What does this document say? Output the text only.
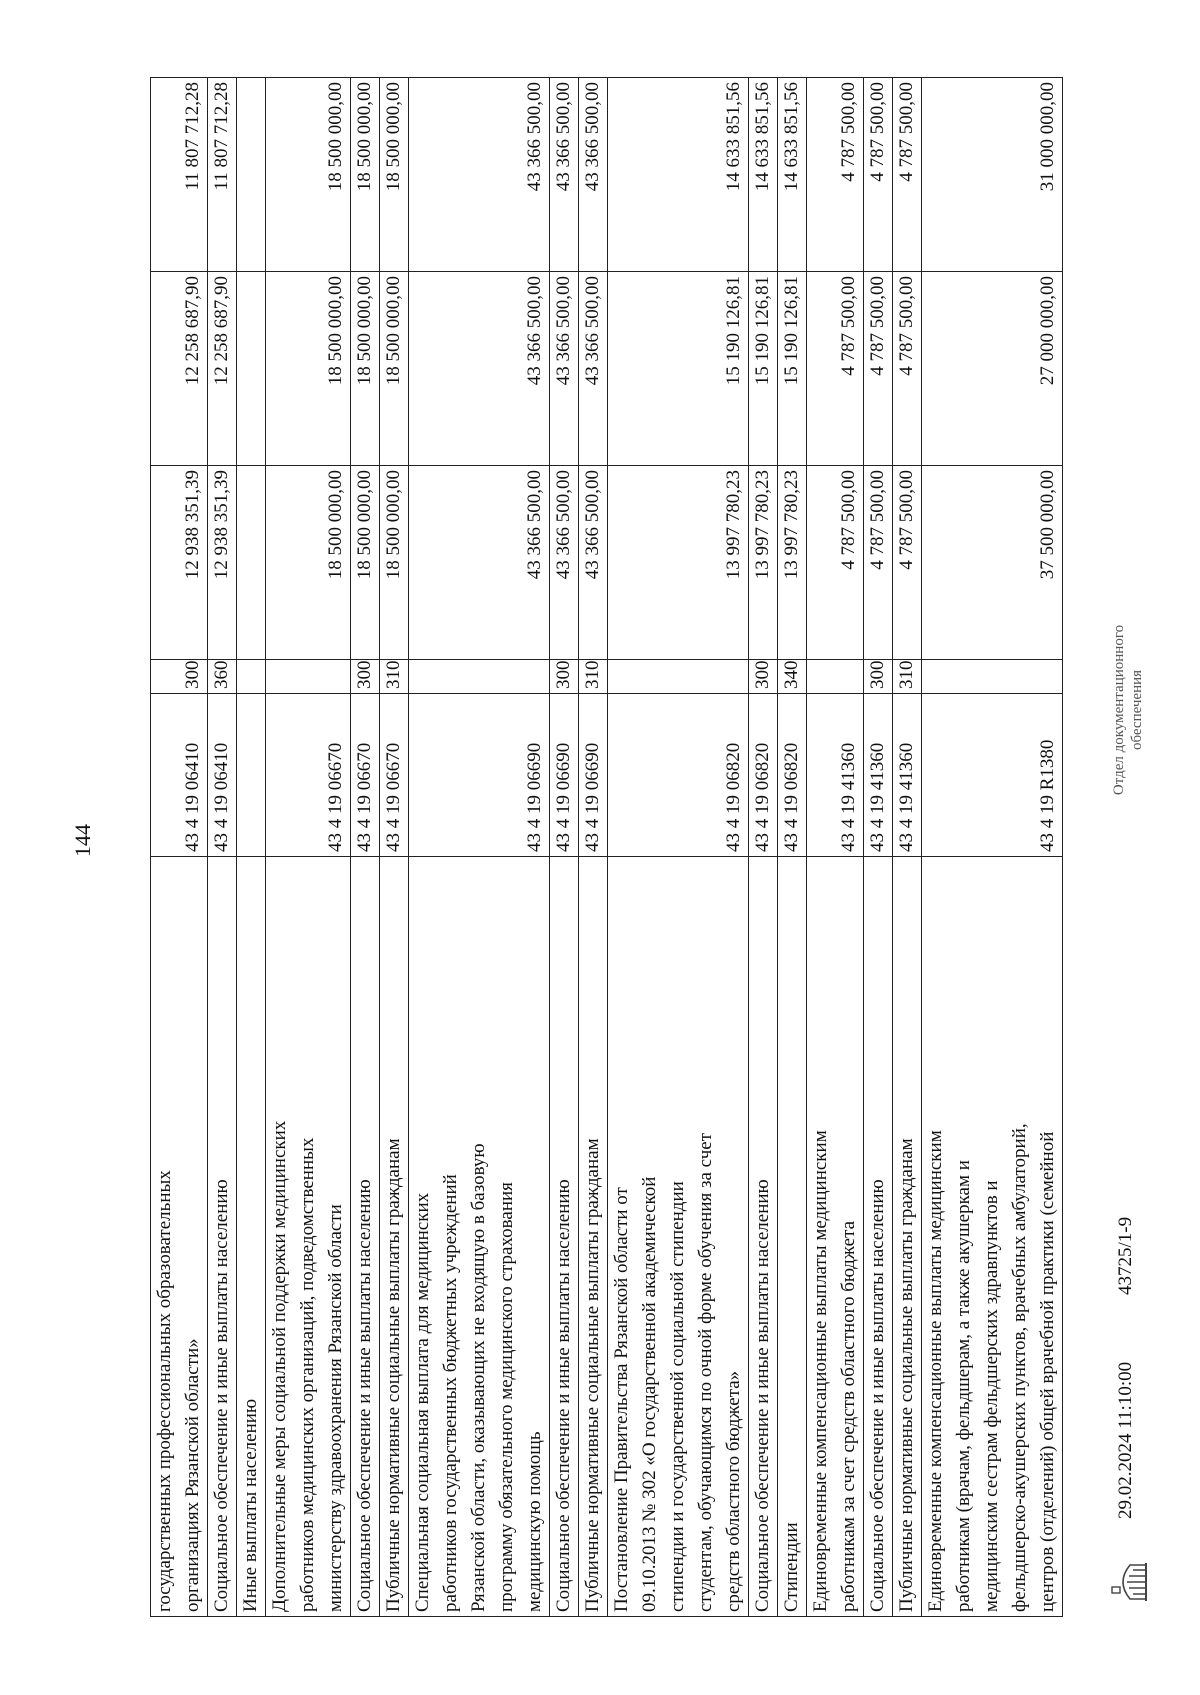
144
государственных профессиональных образовательных организациях Рязанской области»	43 4 19 06410	300	12 938 351,39	12 258 687,90	11 807 712,28

Социальное обеспечение и иные выплаты населению	43 4 19 06410	360	12 938 351,39	12 258 687,90	11 807 712,28

Иные выплаты населению					

Дополнительные меры социальной поддержки медицинских работников медицинских организаций, подведомственных министерству здравоохранения Рязанской области	43 4 19 06670		18 500 000,00	18 500 000,00	18 500 000,00

Социальное обеспечение и иные выплаты населению	43 4 19 06670	300	18 500 000,00	18 500 000,00	18 500 000,00

Публичные нормативные социальные выплаты гражданам	43 4 19 06670	310	18 500 000,00	18 500 000,00	18 500 000,00

Специальная социальная выплата для медицинских работников государственных бюджетных учреждений Рязанской области, оказывающих не входящую в базовую программу обязательного медицинского страхования медицинскую помощь	43 4 19 06690		43 366 500,00	43 366 500,00	43 366 500,00

Социальное обеспечение и иные выплаты населению	43 4 19 06690	300	43 366 500,00	43 366 500,00	43 366 500,00

Публичные нормативные социальные выплаты гражданам	43 4 19 06690	310	43 366 500,00	43 366 500,00	43 366 500,00

Постановление Правительства Рязанской области от 09.10.2013 № 302 «О государственной академической стипендии и государственной социальной стипендии студентам, обучающимся по очной форме обучения за счет средств областного бюджета»	43 4 19 06820		13 997 780,23	15 190 126,81	14 633 851,56

Социальное обеспечение и иные выплаты населению	43 4 19 06820	300	13 997 780,23	15 190 126,81	14 633 851,56

Стипендии	43 4 19 06820	340	13 997 780,23	15 190 126,81	14 633 851,56

Единовременные компенсационные выплаты медицинским работникам за счет средств областного бюджета	43 4 19 41360		4 787 500,00	4 787 500,00	4 787 500,00

Социальное обеспечение и иные выплаты населению	43 4 19 41360	300	4 787 500,00	4 787 500,00	4 787 500,00

Публичные нормативные социальные выплаты гражданам	43 4 19 41360	310	4 787 500,00	4 787 500,00	4 787 500,00

Единовременные компенсационные выплаты медицинским работникам (врачам, фельдшерам, а также акушеркам и медицинским сестрам фельдшерских здравпунктов и фельдшерско-акушерских пунктов, врачебных амбулаторий, центров (отделений) общей врачебной практики (семейной	43 4 19 R1380		37 500 000,00	27 000 000,00	31 000 000,00
29.02.2024 11:10:00
43725/1-9
Отдел документационного обеспечения
